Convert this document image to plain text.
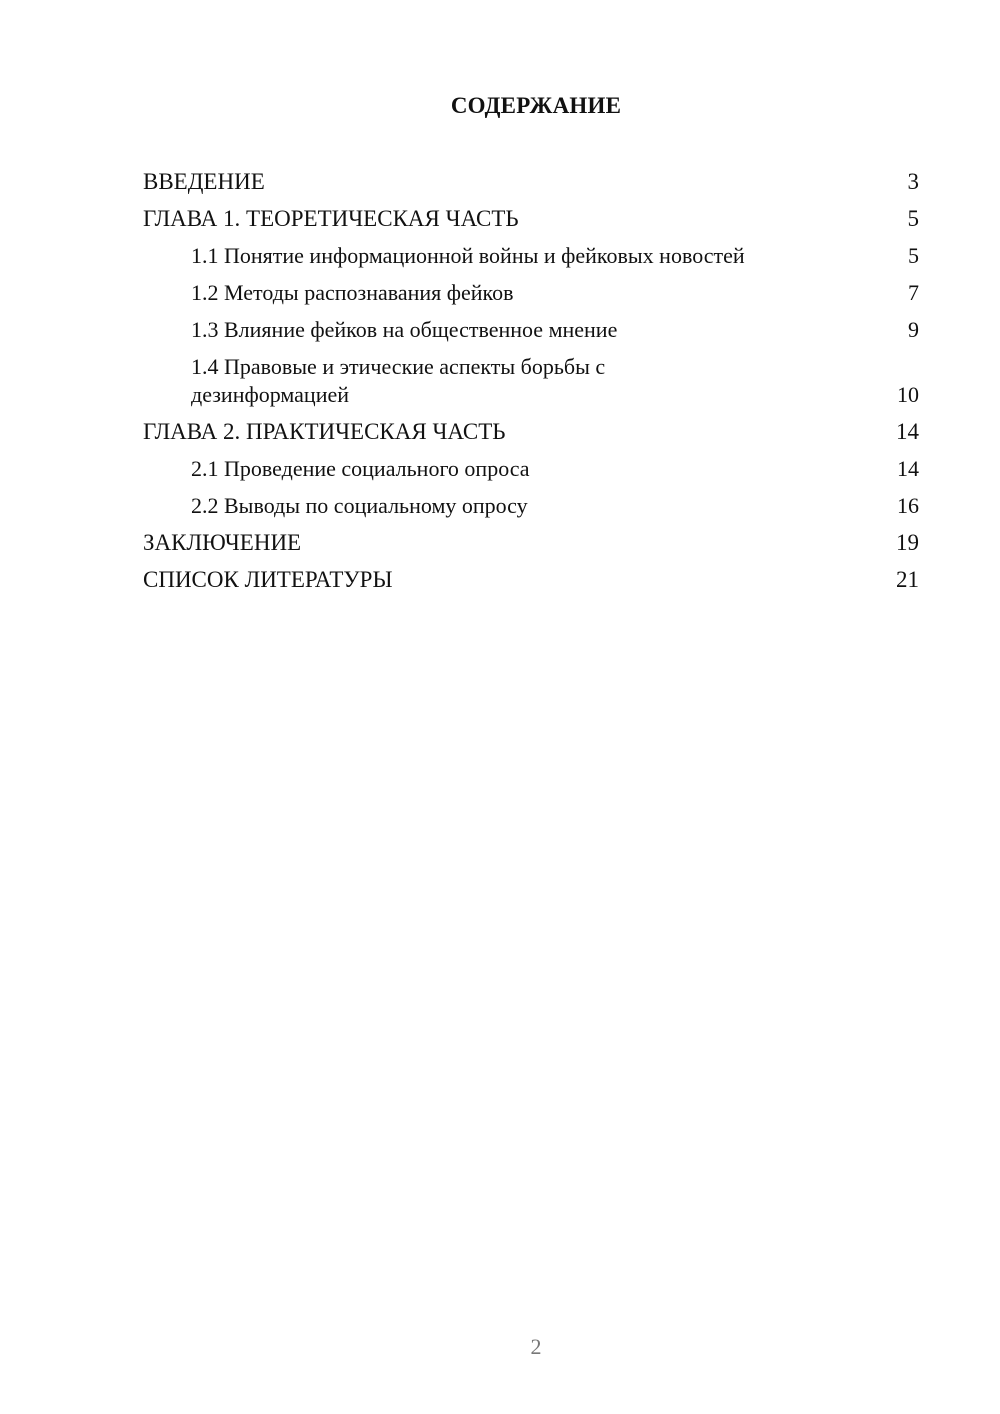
СОДЕРЖАНИЕ
ВВЕДЕНИЕ	3
ГЛАВА 1. ТЕОРЕТИЧЕСКАЯ ЧАСТЬ	5
1.1 Понятие информационной войны и фейковых новостей	5
1.2 Методы распознавания фейков	7
1.3 Влияние фейков на общественное мнение	9
1.4 Правовые и этические аспекты борьбы с дезинформацией	10
ГЛАВА 2. ПРАКТИЧЕСКАЯ ЧАСТЬ	14
2.1 Проведение социального опроса	14
2.2 Выводы по социальному опросу	16
ЗАКЛЮЧЕНИЕ	19
СПИСОК ЛИТЕРАТУРЫ	21
2
